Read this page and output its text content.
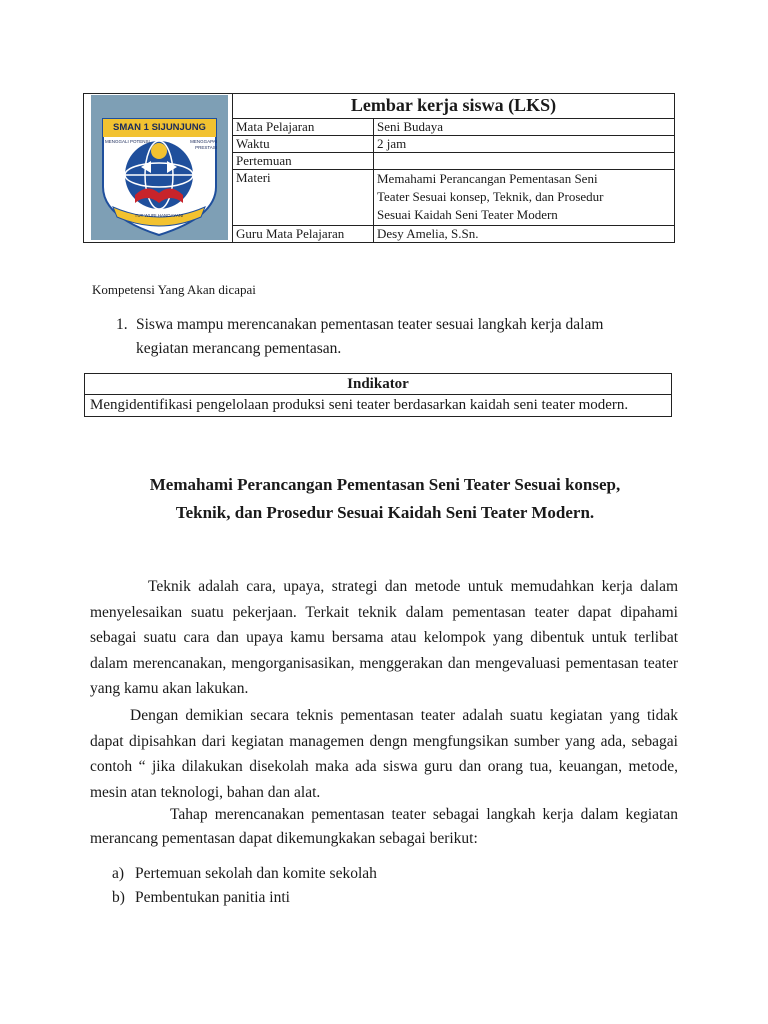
SMAN 1 SIJUNJUNG
MENGGALI POTENSI MENGGAPAI PRESTASI
TUT WURI HANDAYANI	Lembar kerja siswa (LKS)	
	Mata Pelajaran	Seni Budaya
	Waktu	2 jam
	Pertemuan	
	Materi	Memahami Perancangan Pementasan Seni
Teater Sesuai konsep, Teknik, dan Prosedur
Sesuai Kaidah Seni Teater Modern

	Guru Mata Pelajaran	Desy Amelia, S.Sn.
Kompetensi Yang Akan dicapai
1. Siswa mampu merencanakan pementasan teater sesuai langkah kerja dalam
kegiatan merancang pementasan.
Indikator
Mengidentifikasi pengelolaan produksi seni teater berdasarkan kaidah seni teater modern.
Memahami Perancangan Pementasan Seni Teater Sesuai konsep,
Teknik, dan Prosedur Sesuai Kaidah Seni Teater Modern.

Teknik adalah cara, upaya, strategi dan metode untuk memudahkan kerja dalam menyelesaikan suatu pekerjaan. Terkait teknik dalam pementasan teater dapat dipahami sebagai suatu cara dan upaya kamu bersama atau kelompok yang dibentuk untuk terlibat dalam merencanakan, mengorganisasikan, menggerakan dan mengevaluasi pementasan teater yang kamu akan lakukan.

Dengan demikian secara teknis pementasan teater adalah suatu kegiatan yang tidak dapat dipisahkan dari kegiatan managemen dengn mengfungsikan sumber yang ada, sebagai contoh “ jika dilakukan disekolah maka ada siswa guru dan orang tua, keuangan, metode, mesin atan teknologi, bahan dan alat.

Tahap merencanakan pementasan teater sebagai langkah kerja dalam kegiatan merancang pementasan dapat dikemungkakan sebagai berikut:

a) Pertemuan sekolah dan komite sekolah
b) Pembentukan panitia inti
